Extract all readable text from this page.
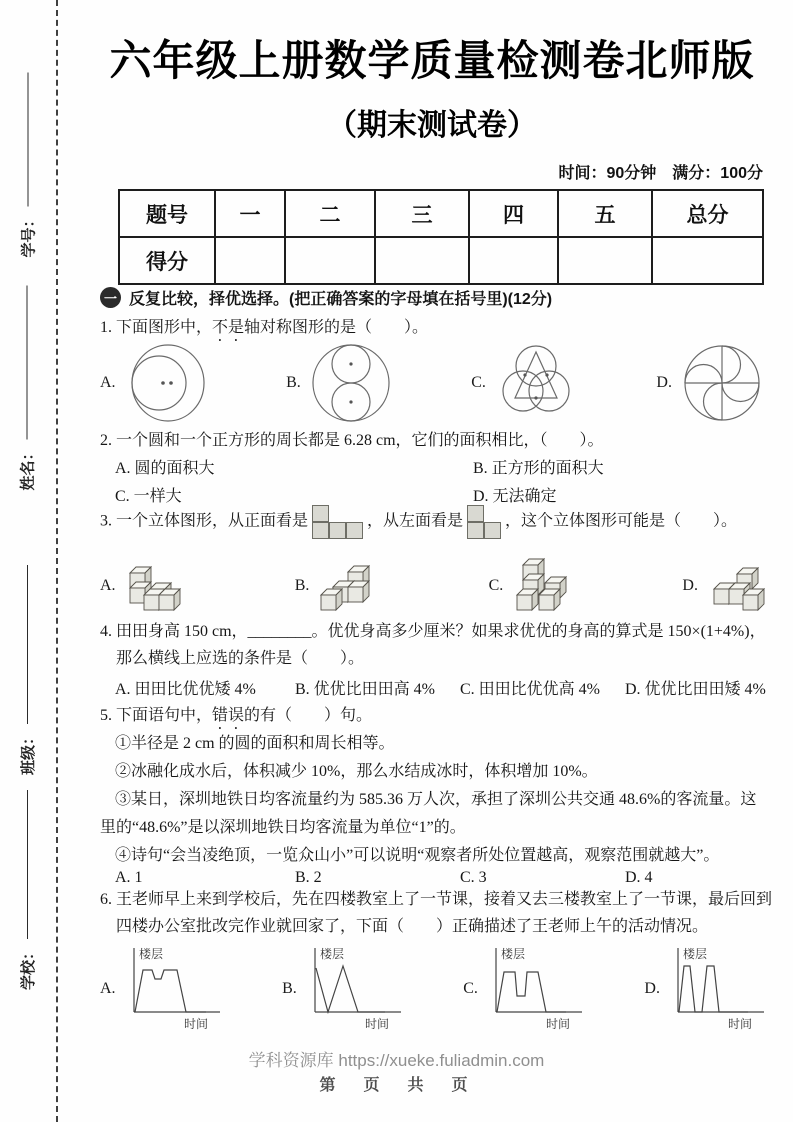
学号：
姓名：
班级：
学校：
六年级上册数学质量检测卷北师版
（期末测试卷）
时间：90分钟　满分：100分
题号	一	二	三	四	五	总分
得分						
一 反复比较，择优选择。(把正确答案的字母填在括号里)(12分)
1. 下面图形中，不是轴对称图形的是（　　）。
A.	B.	C.	D.
2. 一个圆和一个正方形的周长都是 6.28 cm，它们的面积相比，（　　）。
A. 圆的面积大	B. 正方形的面积大
C. 一样大	D. 无法确定
3. 一个立体图形，从正面看是	，从左面看是	，这个立体图形可能是（　　）。
A.	B.	C.	D.
4. 田田身高 150 cm，________。优优身高多少厘米？如果求优优的身高的算式是 150×(1+4%)，
那么横线上应选的条件是（　　）。
A. 田田比优优矮 4%	B. 优优比田田高 4%	C. 田田比优优高 4%	D. 优优比田田矮 4%
5. 下面语句中，错误的有（　　）句。
①半径是 2 cm 的圆的面积和周长相等。
②冰融化成水后，体积减少 10%，那么水结成冰时，体积增加 10%。
③某日，深圳地铁日均客流量约为 585.36 万人次，承担了深圳公共交通 48.6%的客流量。这里的“48.6%”是以深圳地铁日均客流量为单位“1”的。
④诗句“会当凌绝顶，一览众山小”可以说明“观察者所处位置越高，观察范围就越大”。
A. 1	B. 2	C. 3	D. 4
6. 王老师早上来到学校后，先在四楼教室上了一节课，接着又去三楼教室上了一节课，最后回到四楼办公室批改完作业就回家了，下面（　　）正确描述了王老师上午的活动情况。
A.
楼层
时间
B.
楼层
时间
C.
楼层
时间
D.
楼层
时间
学科资源库 https://xueke.fuliadmin.com
第　页　共　页
